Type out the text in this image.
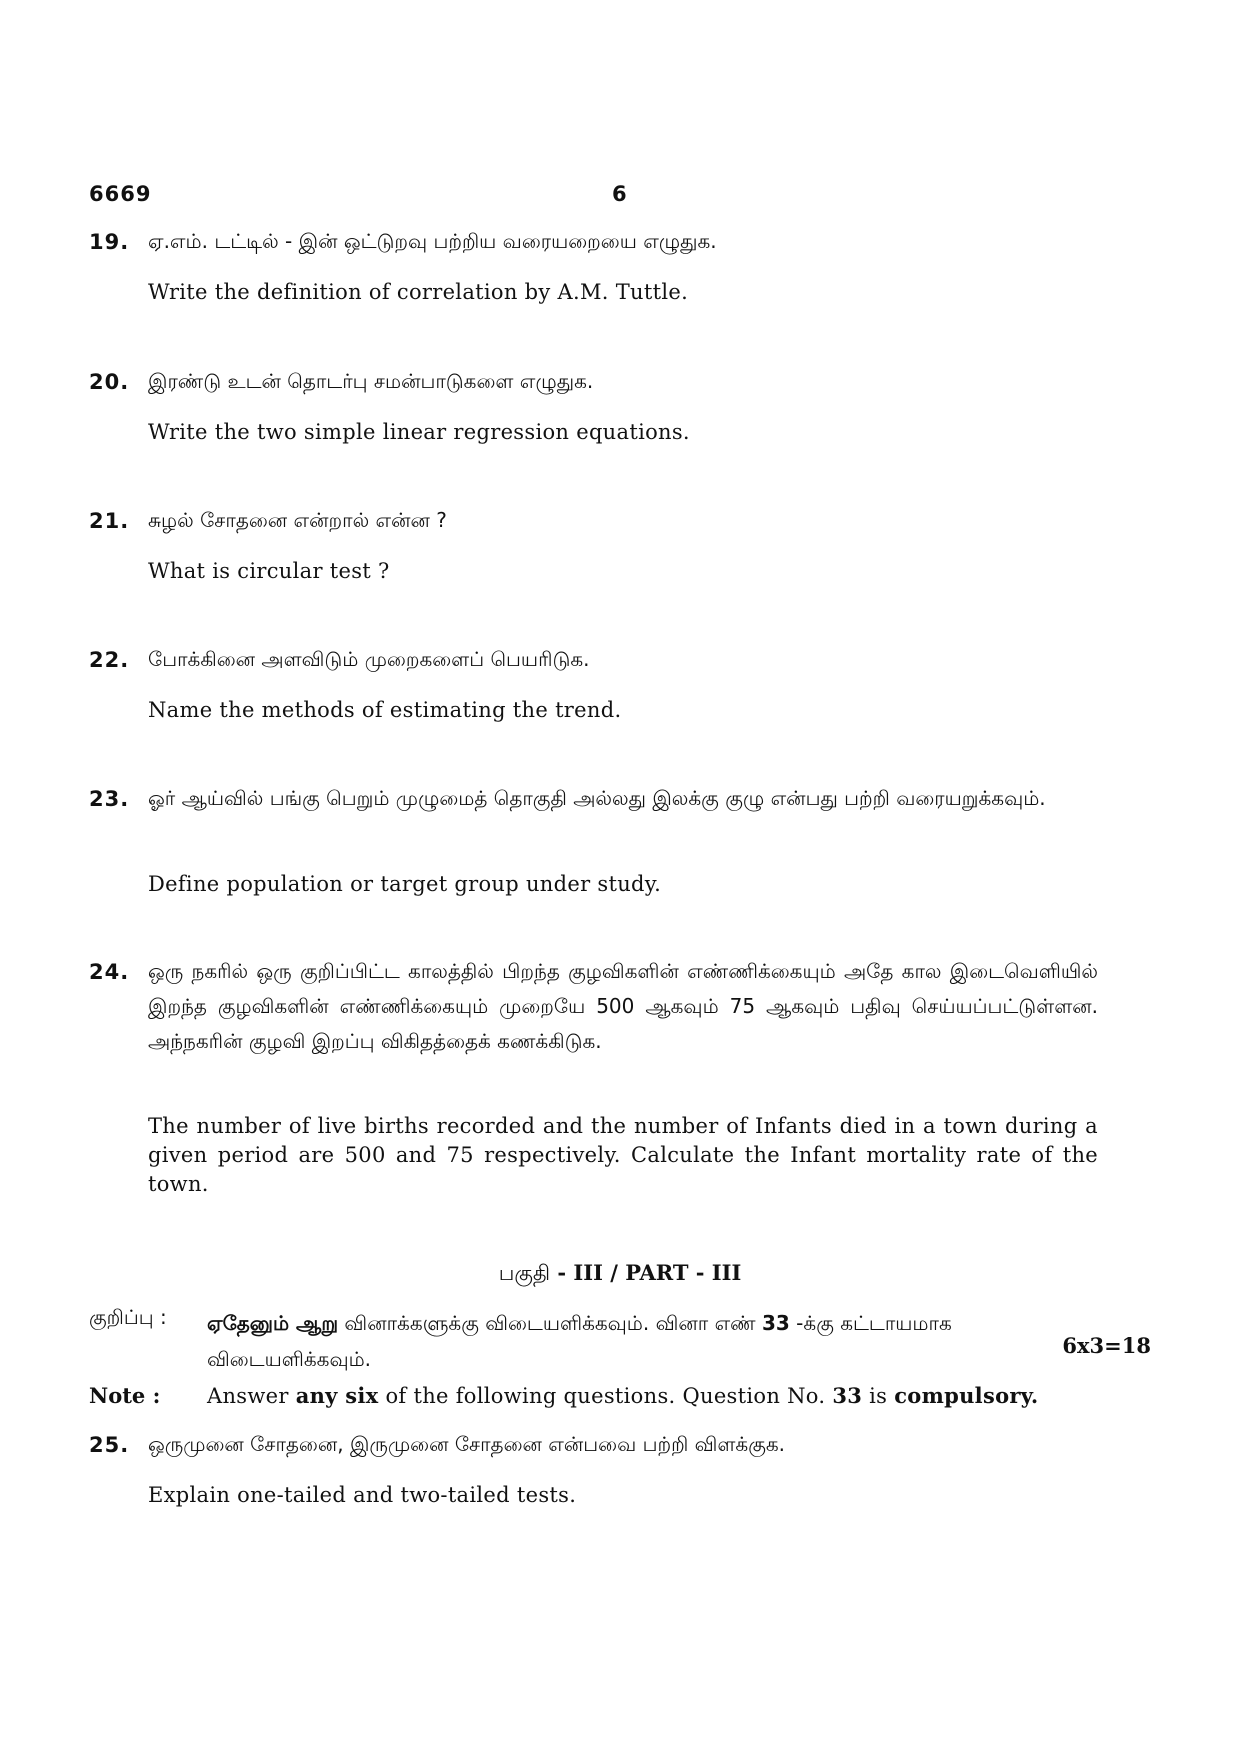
6669	6
19. ஏ.எம். டட்டில் - இன் ஒட்டுறவு பற்றிய வரையறையை எழுதுக.
Write the definition of correlation by A.M. Tuttle.
20. இரண்டு உடன் தொடர்பு சமன்பாடுகளை எழுதுக.
Write the two simple linear regression equations.
21. சுழல் சோதனை என்றால் என்ன ?
What is circular test ?
22. போக்கினை அளவிடும் முறைகளைப் பெயரிடுக.
Name the methods of estimating the trend.
23. ஓர் ஆய்வில் பங்கு பெறும் முழுமைத் தொகுதி அல்லது இலக்கு குழு என்பது பற்றி வரையறுக்கவும்.
Define population or target group under study.
24. ஒரு நகரில் ஒரு குறிப்பிட்ட காலத்தில் பிறந்த குழவிகளின் எண்ணிக்கையும் அதே கால இடைவெளியில் இறந்த குழவிகளின் எண்ணிக்கையும் முறையே 500 ஆகவும் 75 ஆகவும் பதிவு செய்யப்பட்டுள்ளன. அந்நகரின் குழவி இறப்பு விகிதத்தைக் கணக்கிடுக.
The number of live births recorded and the number of Infants died in a town during a given period are 500 and 75 respectively. Calculate the Infant mortality rate of the town.
பகுதி - III / PART - III
குறிப்பு : ஏதேனும் ஆறு வினாக்களுக்கு விடையளிக்கவும். வினா எண் 33 -க்கு கட்டாயமாக விடையளிக்கவும்.
6x3=18
Note : Answer any six of the following questions. Question No. 33 is compulsory.
25. ஒருமுனை சோதனை, இருமுனை சோதனை என்பவை பற்றி விளக்குக.
Explain one-tailed and two-tailed tests.
